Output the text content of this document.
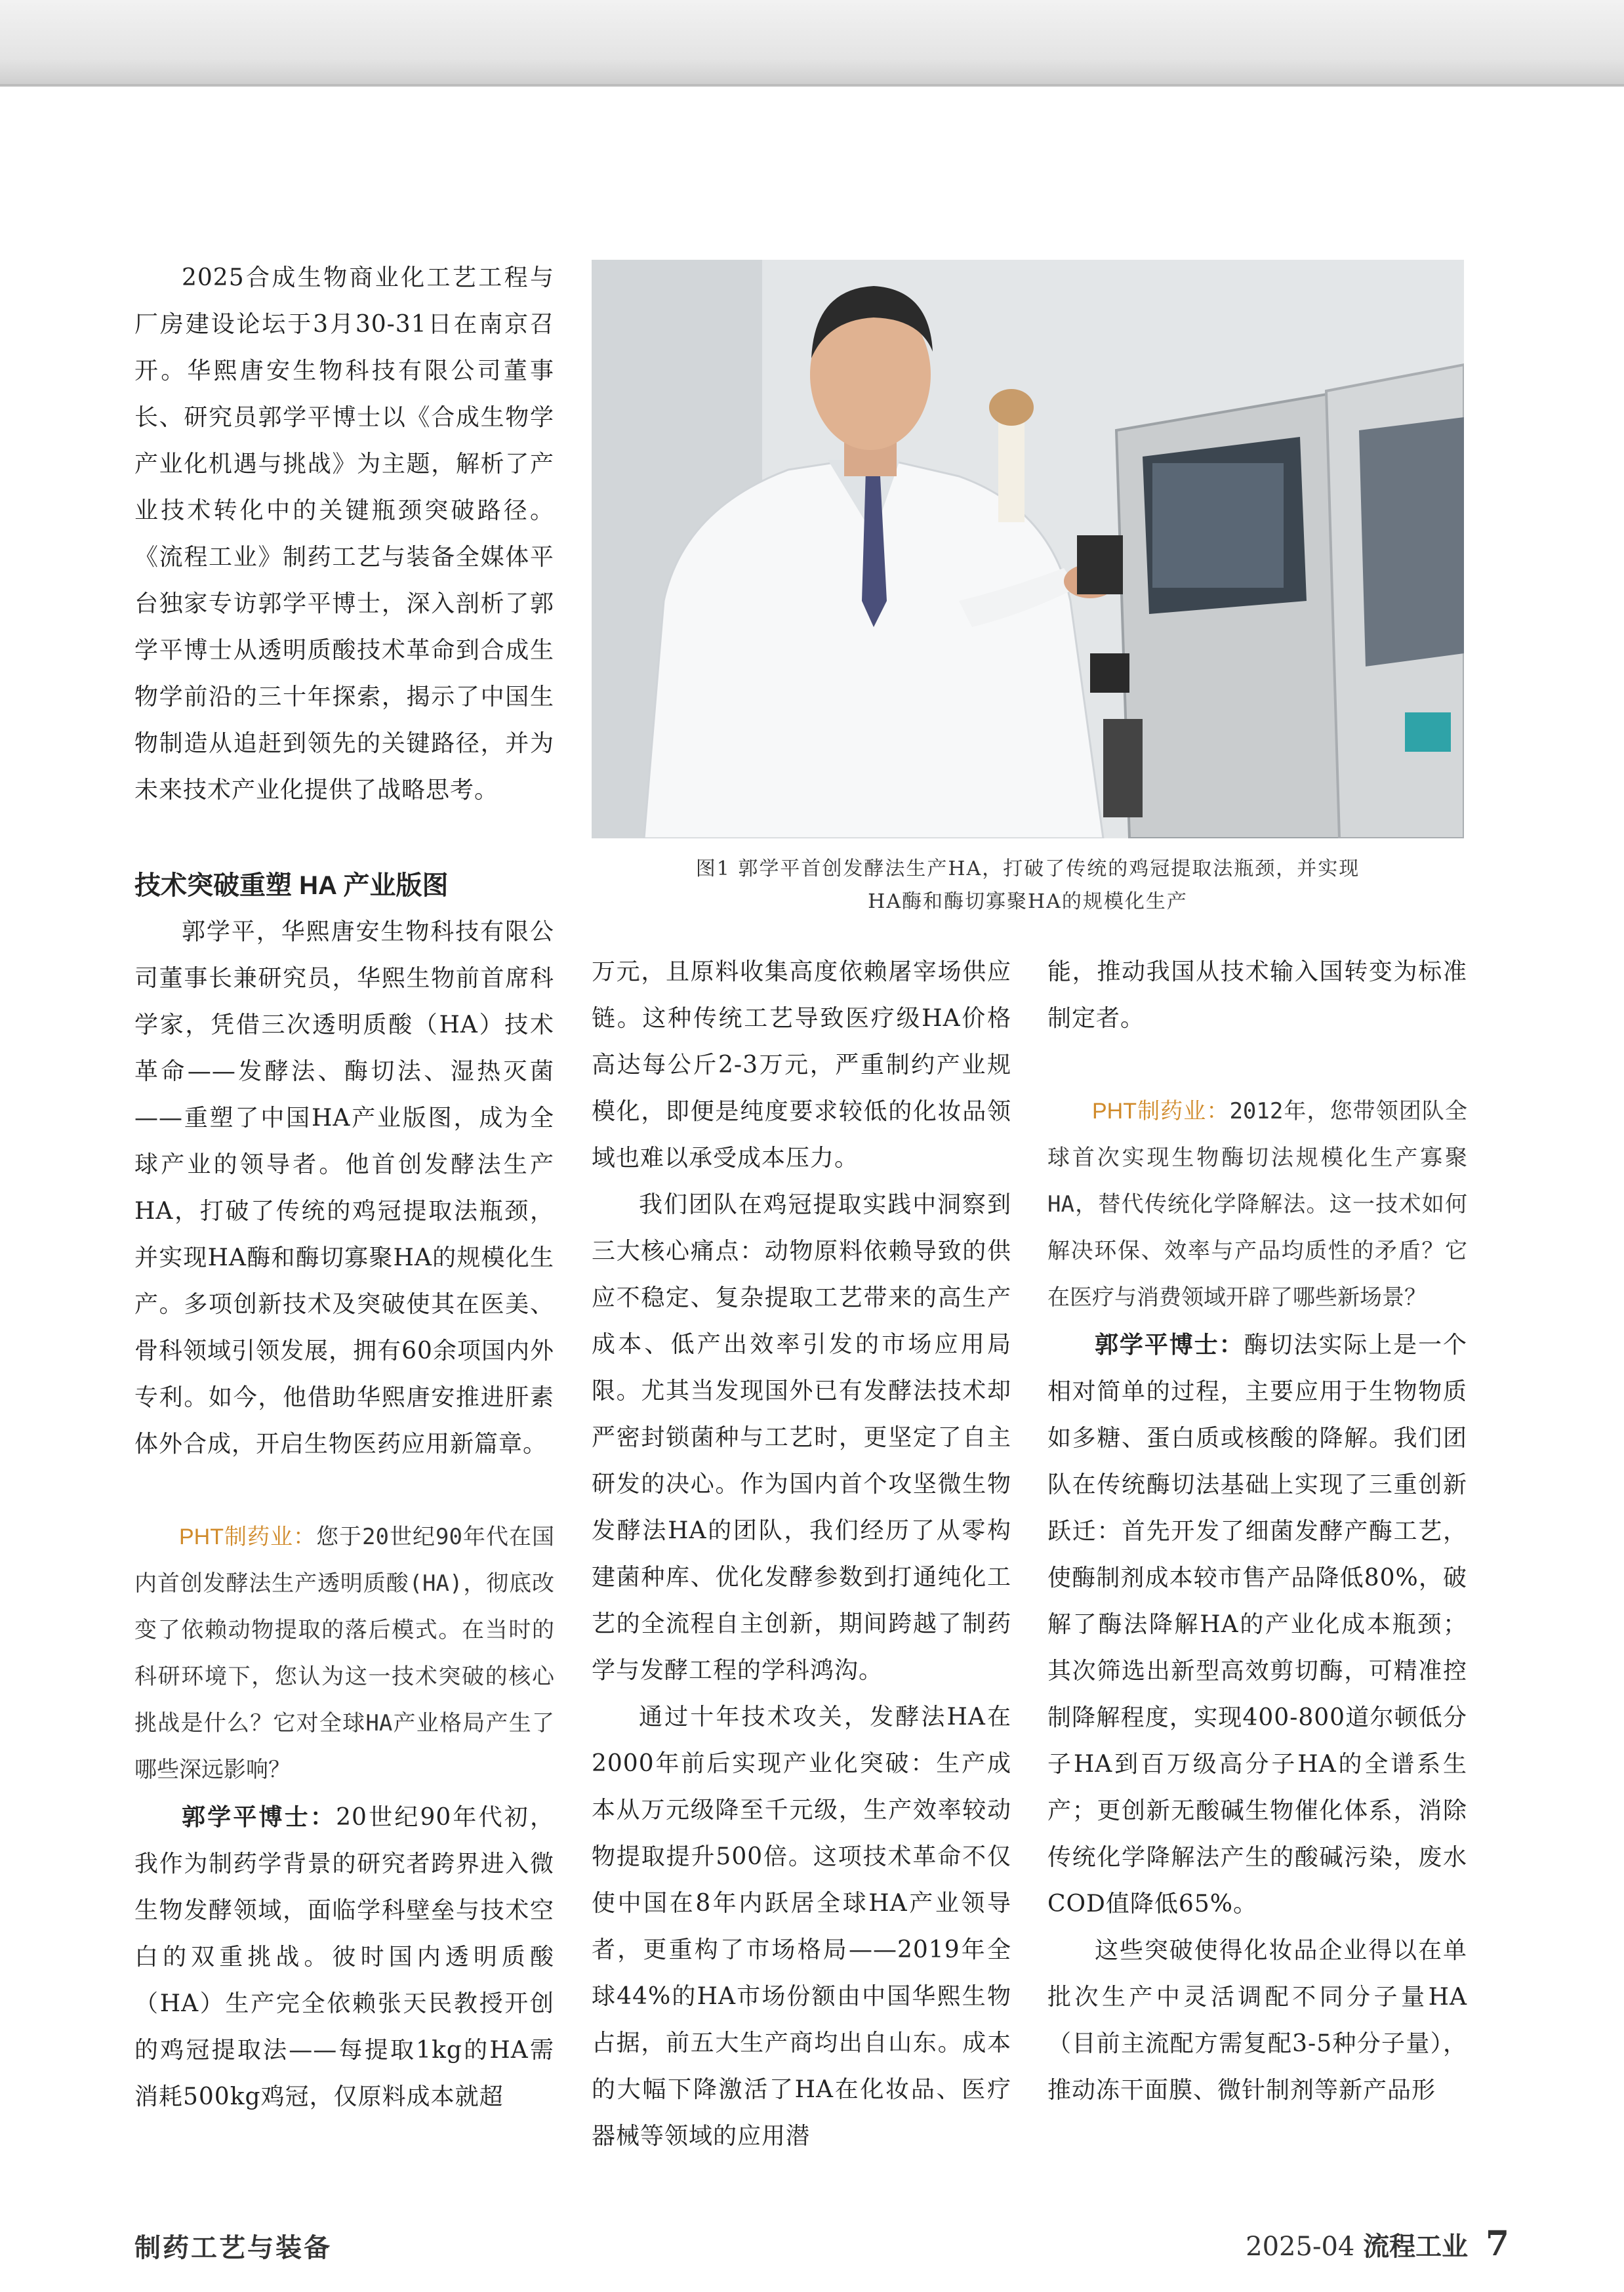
2025合成生物商业化工艺工程与厂房建设论坛于3月30-31日在南京召开。华熙唐安生物科技有限公司董事长、研究员郭学平博士以《合成生物学产业化机遇与挑战》为主题，解析了产业技术转化中的关键瓶颈突破路径。《流程工业》制药工艺与装备全媒体平台独家专访郭学平博士，深入剖析了郭学平博士从透明质酸技术革命到合成生物学前沿的三十年探索，揭示了中国生物制造从追赶到领先的关键路径，并为未来技术产业化提供了战略思考。

图1 郭学平首创发酵法生产HA，打破了传统的鸡冠提取法瓶颈，并实现
HA酶和酶切寡聚HA的规模化生产
技术突破重塑 HA 产业版图

郭学平，华熙唐安生物科技有限公司董事长兼研究员，华熙生物前首席科学家，凭借三次透明质酸（HA）技术革命——发酵法、酶切法、湿热灭菌——重塑了中国HA产业版图，成为全球产业的领导者。他首创发酵法生产HA，打破了传统的鸡冠提取法瓶颈，并实现HA酶和酶切寡聚HA的规模化生产。多项创新技术及突破使其在医美、骨科领域引领发展，拥有60余项国内外专利。如今，他借助华熙唐安推进肝素体外合成，开启生物医药应用新篇章。

PHT制药业：您于20世纪90年代在国内首创发酵法生产透明质酸(HA)，彻底改变了依赖动物提取的落后模式。在当时的科研环境下，您认为这一技术突破的核心挑战是什么？它对全球HA产业格局产生了哪些深远影响？

郭学平博士：20世纪90年代初，我作为制药学背景的研究者跨界进入微生物发酵领域，面临学科壁垒与技术空白的双重挑战。彼时国内透明质酸（HA）生产完全依赖张天民教授开创的鸡冠提取法——每提取1kg的HA需消耗500kg鸡冠，仅原料成本就超

万元，且原料收集高度依赖屠宰场供应链。这种传统工艺导致医疗级HA价格高达每公斤2-3万元，严重制约产业规模化，即便是纯度要求较低的化妆品领域也难以承受成本压力。

我们团队在鸡冠提取实践中洞察到三大核心痛点：动物原料依赖导致的供应不稳定、复杂提取工艺带来的高生产成本、低产出效率引发的市场应用局限。尤其当发现国外已有发酵法技术却严密封锁菌种与工艺时，更坚定了自主研发的决心。作为国内首个攻坚微生物发酵法HA的团队，我们经历了从零构建菌种库、优化发酵参数到打通纯化工艺的全流程自主创新，期间跨越了制药学与发酵工程的学科鸿沟。

通过十年技术攻关，发酵法HA在2000年前后实现产业化突破：生产成本从万元级降至千元级，生产效率较动物提取提升500倍。这项技术革命不仅使中国在8年内跃居全球HA产业领导者，更重构了市场格局——2019年全球44%的HA市场份额由中国华熙生物占据，前五大生产商均出自山东。成本的大幅下降激活了HA在化妆品、医疗器械等领域的应用潜

能，推动我国从技术输入国转变为标准制定者。

PHT制药业：2012年，您带领团队全球首次实现生物酶切法规模化生产寡聚HA，替代传统化学降解法。这一技术如何解决环保、效率与产品均质性的矛盾？它在医疗与消费领域开辟了哪些新场景？

郭学平博士：酶切法实际上是一个相对简单的过程，主要应用于生物物质如多糖、蛋白质或核酸的降解。我们团队在传统酶切法基础上实现了三重创新跃迁：首先开发了细菌发酵产酶工艺，使酶制剂成本较市售产品降低80%，破解了酶法降解HA的产业化成本瓶颈；其次筛选出新型高效剪切酶，可精准控制降解程度，实现400-800道尔顿低分子HA到百万级高分子HA的全谱系生产；更创新无酸碱生物催化体系，消除传统化学降解法产生的酸碱污染，废水COD值降低65%。

这些突破使得化妆品企业得以在单批次生产中灵活调配不同分子量HA（目前主流配方需复配3-5种分子量），推动冻干面膜、微针制剂等新产品形

制药工艺与装备	2025-04 流程工业 7
